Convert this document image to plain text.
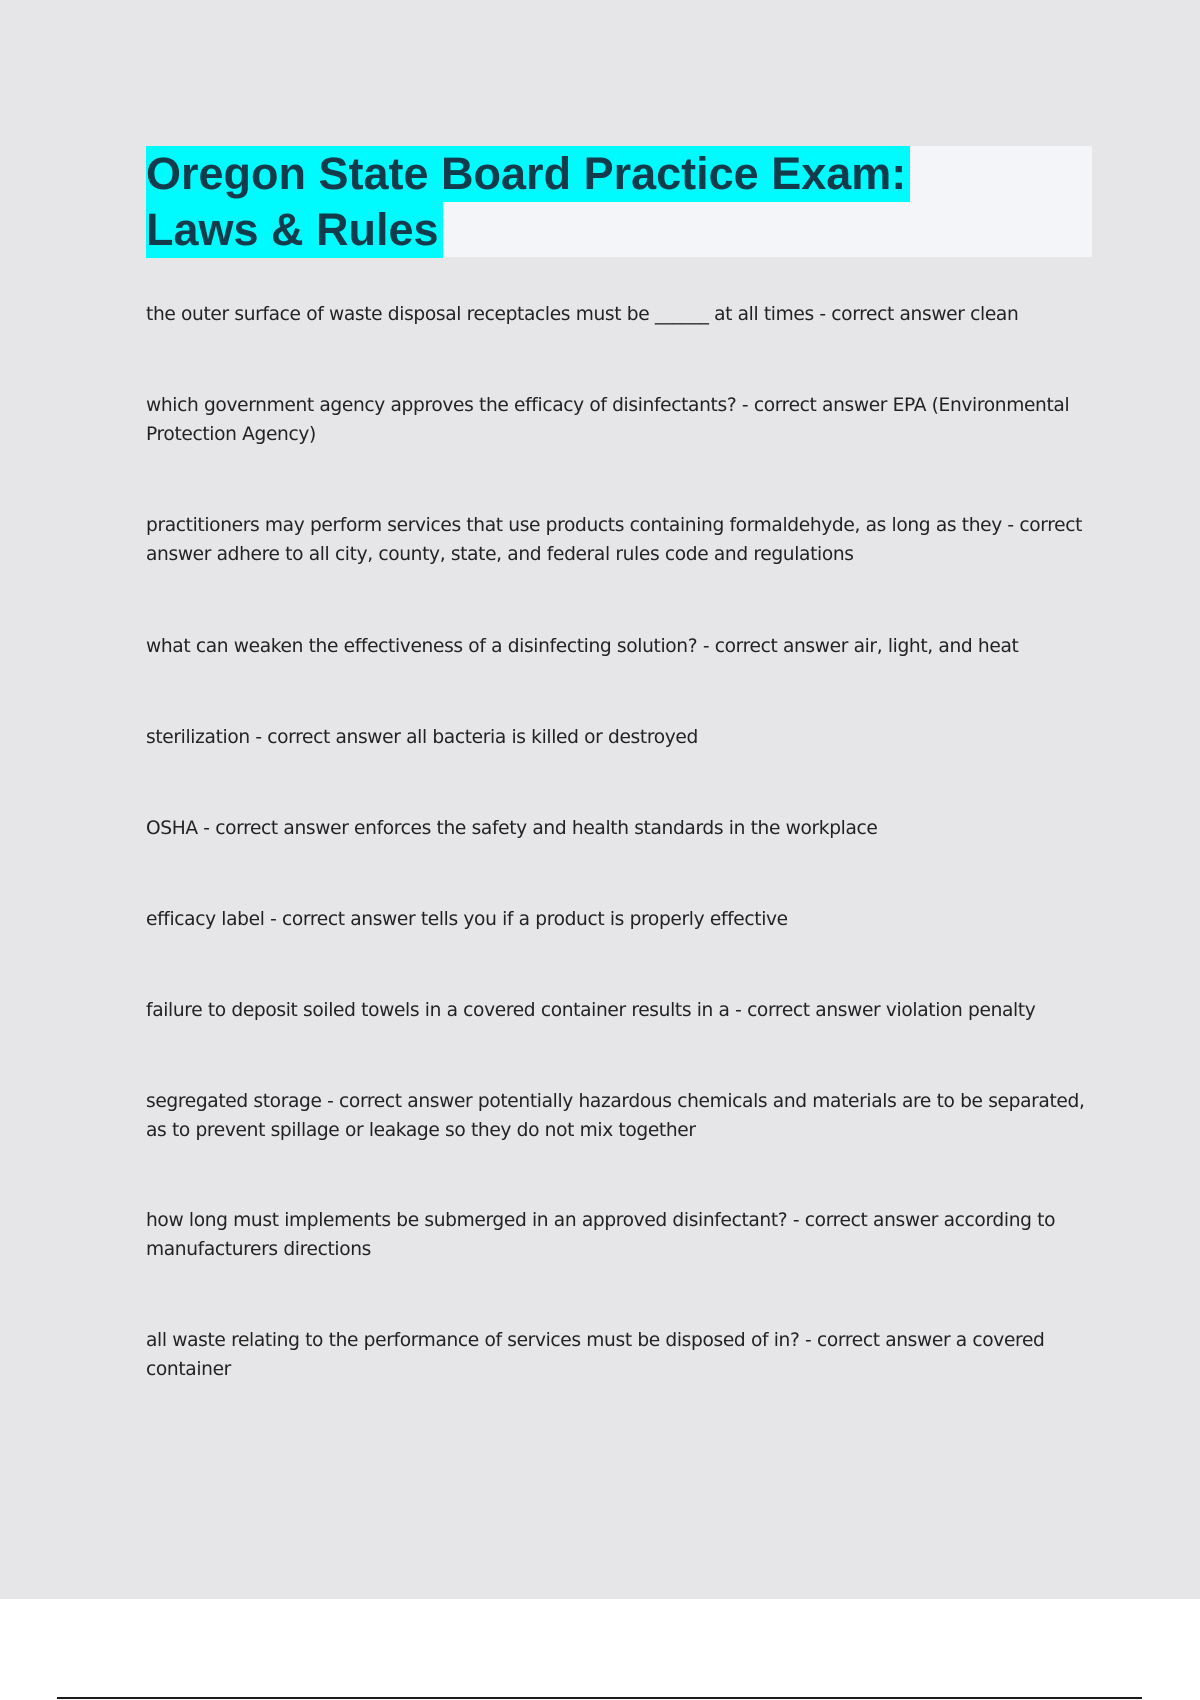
Oregon State Board Practice Exam:
Laws & Rules
the outer surface of waste disposal receptacles must be ______ at all times - correct answer clean
which government agency approves the efficacy of disinfectants? - correct answer EPA (Environmental Protection Agency)
practitioners may perform services that use products containing formaldehyde, as long as they - correct answer adhere to all city, county, state, and federal rules code and regulations
what can weaken the effectiveness of a disinfecting solution? - correct answer air, light, and heat
sterilization - correct answer all bacteria is killed or destroyed
OSHA - correct answer enforces the safety and health standards in the workplace
efficacy label - correct answer tells you if a product is properly effective
failure to deposit soiled towels in a covered container results in a - correct answer violation penalty
segregated storage - correct answer potentially hazardous chemicals and materials are to be separated, as to prevent spillage or leakage so they do not mix together
how long must implements be submerged in an approved disinfectant? - correct answer according to manufacturers directions
all waste relating to the performance of services must be disposed of in? - correct answer a covered container
